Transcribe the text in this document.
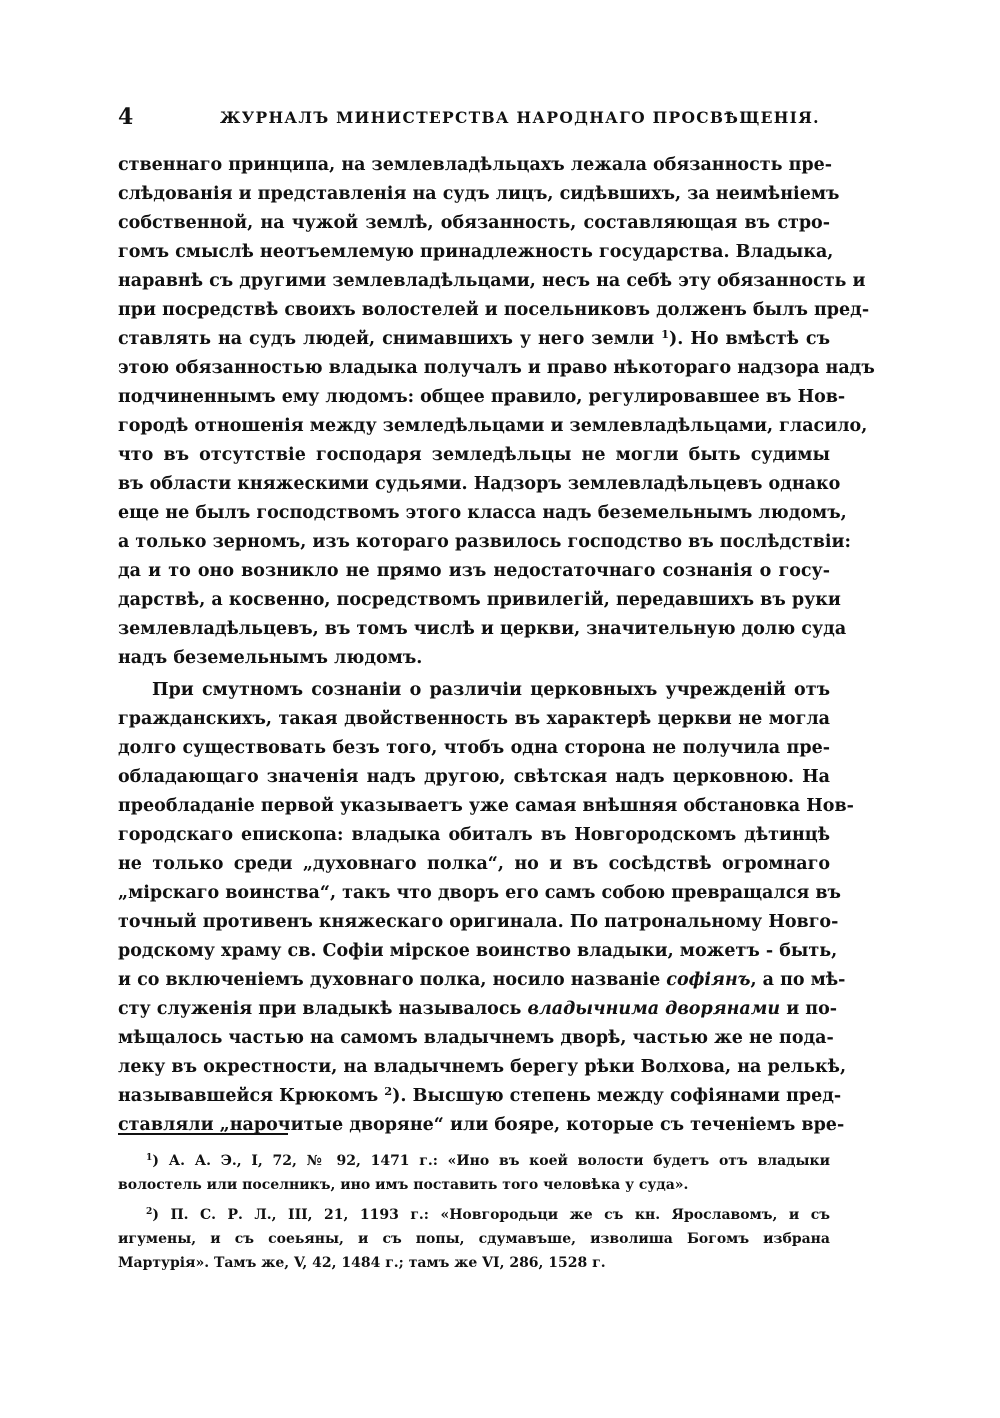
4	ЖУРНАЛЪ МИНИСТЕРСТВА НАРОДНАГО ПРОСВѢЩЕНІЯ.
ственнаго принципа, на землевладѣльцахъ лежала обязанность пре-
слѣдованія и представленія на судъ лицъ, сидѣвшихъ, за неимѣніемъ
собственной, на чужой землѣ, обязанность, составляющая въ стро-
гомъ смыслѣ неотъемлемую принадлежность государства. Владыка,
наравнѣ съ другими землевладѣльцами, несъ на себѣ эту обязанность и
при посредствѣ своихъ волостелей и посельниковъ долженъ былъ пред-
ставлять на судъ людей, снимавшихъ у него земли $^1$). Но вмѣстѣ съ
этою обязанностью владыка получалъ и право нѣкотораго надзора надъ
подчиненнымъ ему людомъ: общее правило, регулировавшее въ Нов-
городѣ отношенія между земледѣльцами и землевладѣльцами, гласило,
что въ отсутствіе господаря земледѣльцы не могли быть судимы
въ области княжескими судьями. Надзоръ землевладѣльцевъ однако
еще не былъ господствомъ этого класса надъ беземельнымъ людомъ,
а только зерномъ, изъ котораго развилось господство въ послѣдствіи:
да и то оно возникло не прямо изъ недостаточнаго сознанія о госу-
дарствѣ, а косвенно, посредствомъ привилегій, передавшихъ въ руки
землевладѣльцевъ, въ томъ числѣ и церкви, значительную долю суда
надъ беземельнымъ людомъ.
При смутномъ сознаніи о различіи церковныхъ учрежденій отъ
гражданскихъ, такая двойственность въ характерѣ церкви не могла
долго существовать безъ того, чтобъ одна сторона не получила пре-
обладающаго значенія надъ другою, свѣтская надъ церковною. На
преобладаніе первой указываетъ уже самая внѣшняя обстановка Нов-
городскаго епископа: владыка обиталъ въ Новгородскомъ дѣтинцѣ
не только среди „духовнаго полка“, но и въ сосѣдствѣ огромнаго
„мірскаго воинства“, такъ что дворъ его самъ собою превращался въ
точный противенъ княжескаго оригинала. По патрональному Новго-
родскому храму св. Софіи мірское воинство владыки, можетъ - быть,
и со включеніемъ духовнаго полка, носило названіе софіянъ, а по мѣ-
сту служенія при владыкѣ называлось владычнима дворянами и по-
мѣщалось частью на самомъ владычнемъ дворѣ, частью же не пода-
леку въ окрестности, на владычнемъ берегу рѣки Волхова, на релькѣ,
называвшейся Крюкомъ $^2$). Высшую степень между софіянами пред-
ставляли „нарочитые дворяне“ или бояре, которые съ теченіемъ вре-
$^1$) А. А. Э., I, 72, № 92, 1471 г.: «Ино въ коей волости будетъ отъ владыки
волостель или поселникъ, ино имъ поставить того человѣка у суда».
$^2$) П. С. Р. Л., III, 21, 1193 г.: «Новгородьци же съ кн. Ярославомъ, и съ
игумены, и съ соеьяны, и съ попы, сдумавъше, изволиша Богомъ избрана
Мартурія». Тамъ же, V, 42, 1484 г.; тамъ же VI, 286, 1528 г.
